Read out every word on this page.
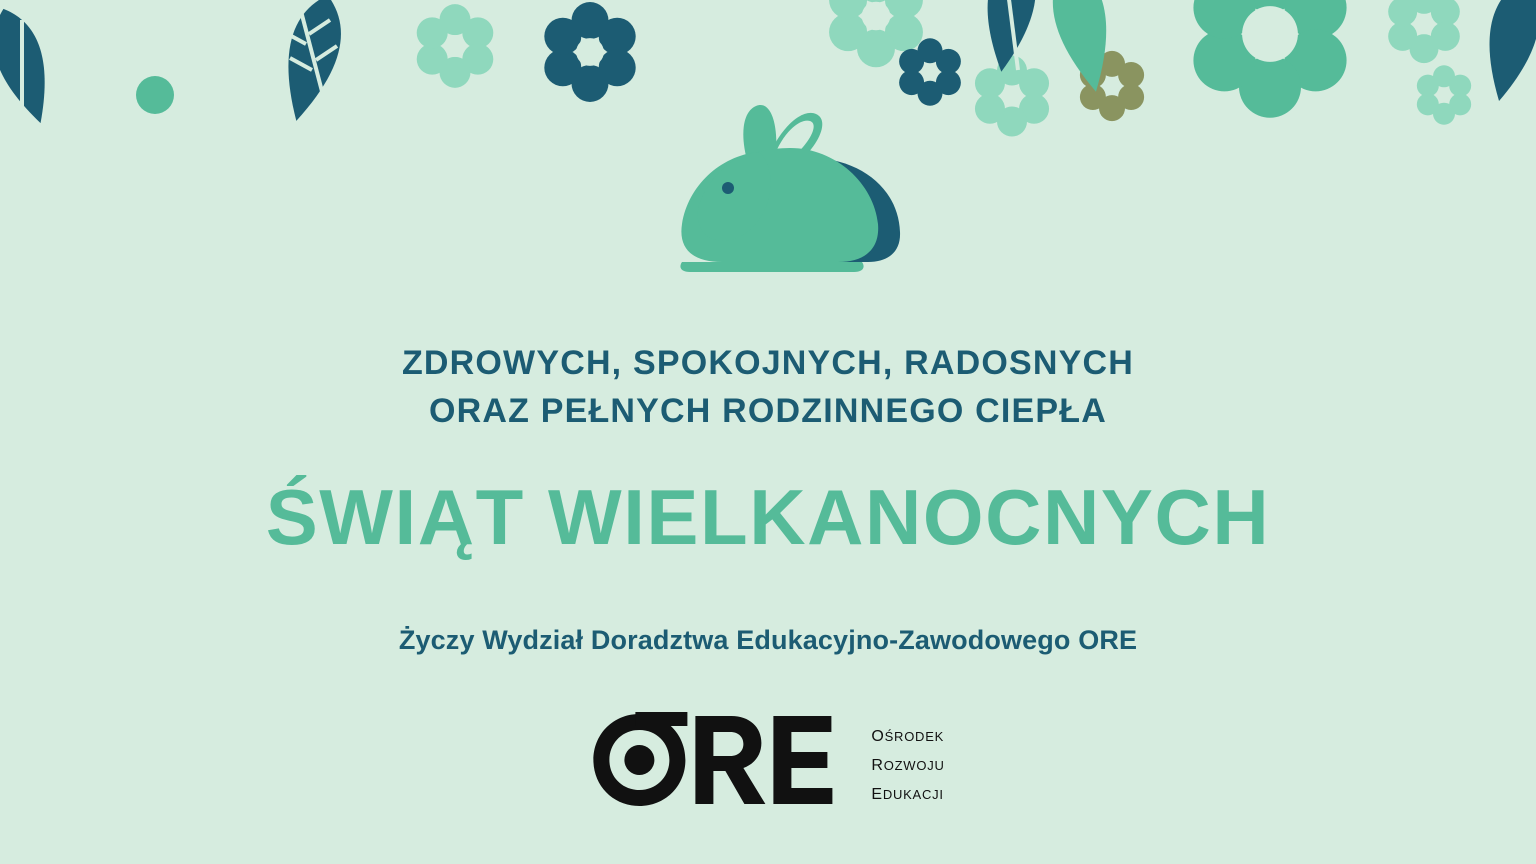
ZDROWYCH, SPOKOJNYCH, RADOSNYCH

ORAZ PEŁNYCH RODZINNEGO CIEPŁA

ŚWIĄT WIELKANOCNYCH

Życzy Wydział Doradztwa Edukacyjno-Zawodowego ORE

ośrodek
rozwoju
edukacji
